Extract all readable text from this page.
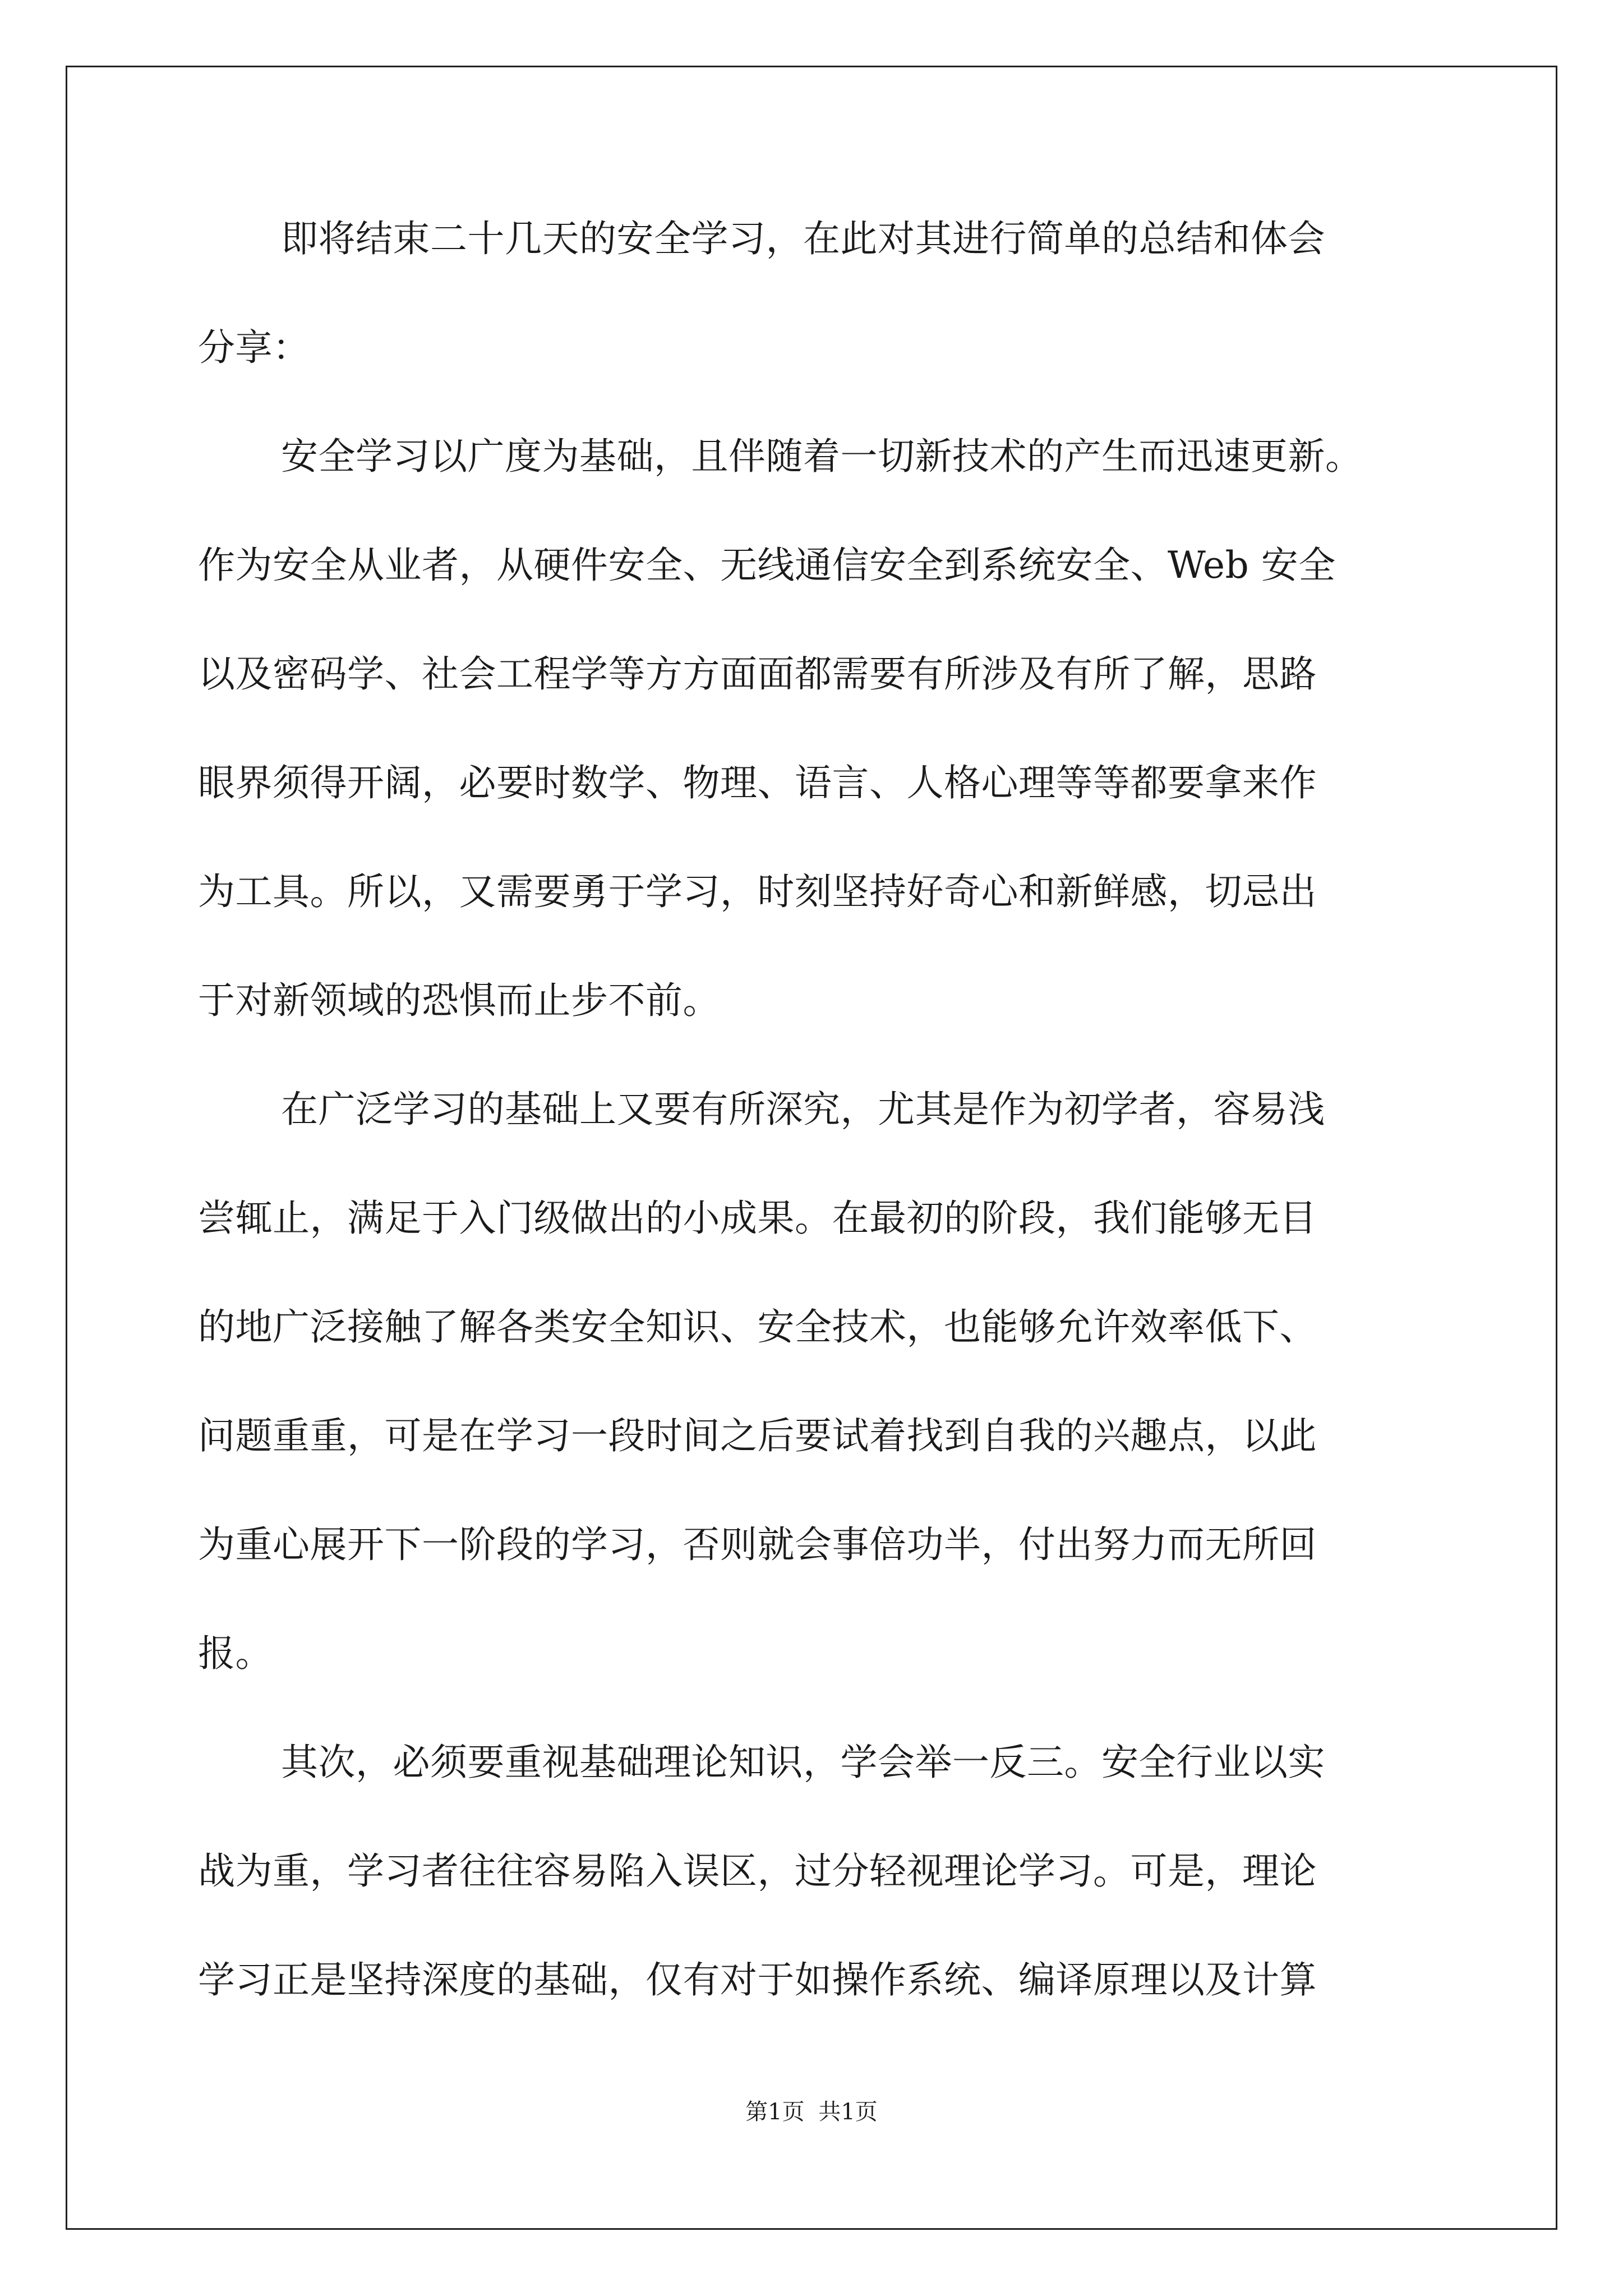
即将结束二十几天的安全学习，在此对其进行简单的总结和体会
分享：
安全学习以广度为基础，且伴随着一切新技术的产生而迅速更新。
作为安全从业者，从硬件安全、无线通信安全到系统安全、Web 安全
以及密码学、社会工程学等方方面面都需要有所涉及有所了解，思路
眼界须得开阔，必要时数学、物理、语言、人格心理等等都要拿来作
为工具。所以，又需要勇于学习，时刻坚持好奇心和新鲜感，切忌出
于对新领域的恐惧而止步不前。
在广泛学习的基础上又要有所深究，尤其是作为初学者，容易浅
尝辄止，满足于入门级做出的小成果。在最初的阶段，我们能够无目
的地广泛接触了解各类安全知识、安全技术，也能够允许效率低下、
问题重重，可是在学习一段时间之后要试着找到自我的兴趣点，以此
为重心展开下一阶段的学习，否则就会事倍功半，付出努力而无所回
报。
其次，必须要重视基础理论知识，学会举一反三。安全行业以实
战为重，学习者往往容易陷入误区，过分轻视理论学习。可是，理论
学习正是坚持深度的基础，仅有对于如操作系统、编译原理以及计算
第1页 共1页
